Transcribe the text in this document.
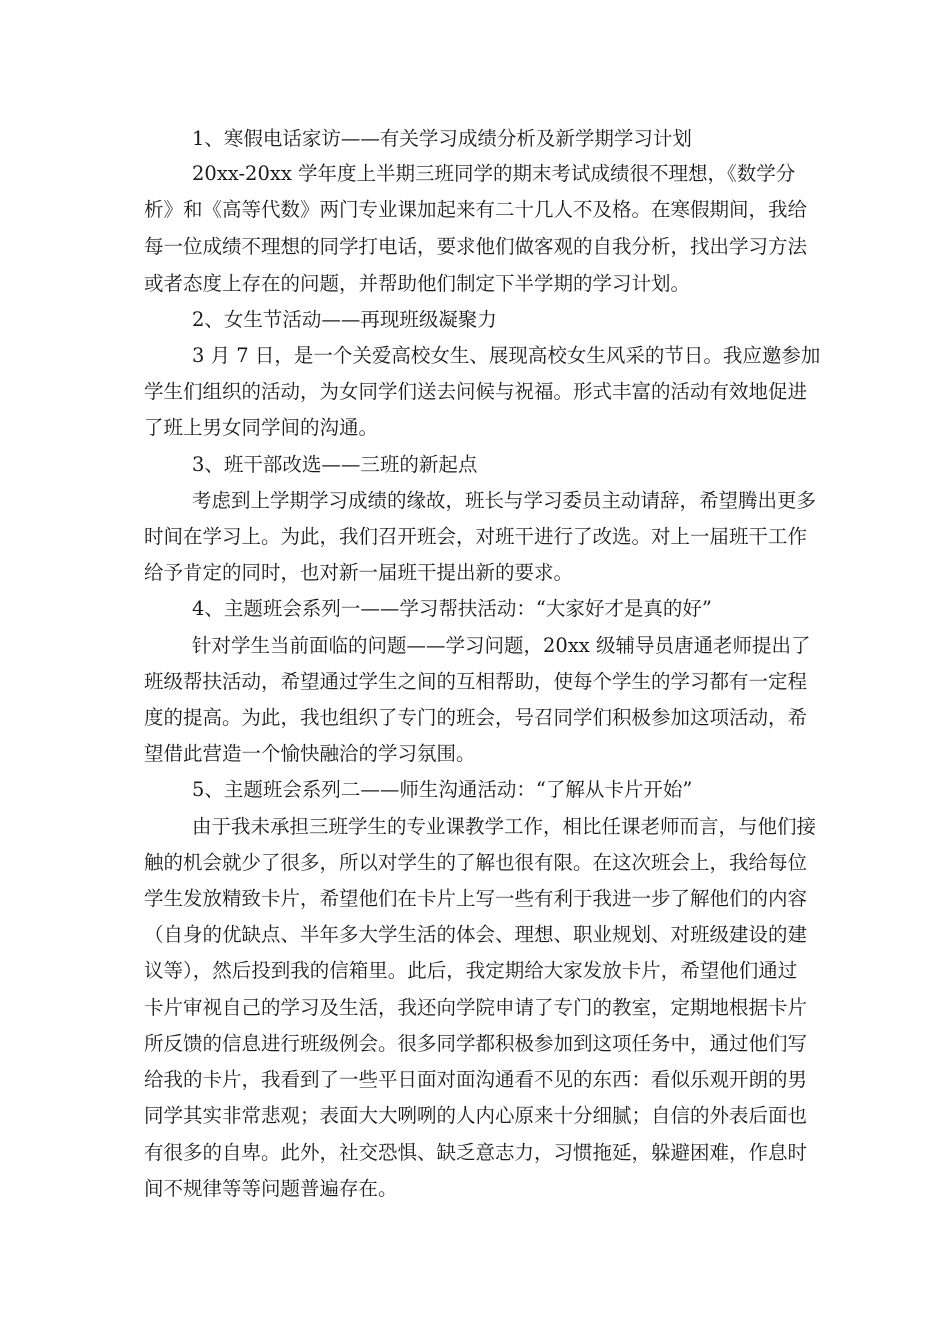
1、寒假电话家访——有关学习成绩分析及新学期学习计划

20xx-20xx 学年度上半期三班同学的期末考试成绩很不理想，《数学分

析》和《高等代数》两门专业课加起来有二十几人不及格。在寒假期间，我给

每一位成绩不理想的同学打电话，要求他们做客观的自我分析，找出学习方法

或者态度上存在的问题，并帮助他们制定下半学期的学习计划。

2、女生节活动——再现班级凝聚力

3 月 7 日，是一个关爱高校女生、展现高校女生风采的节日。我应邀参加

学生们组织的活动，为女同学们送去问候与祝福。形式丰富的活动有效地促进

了班上男女同学间的沟通。

3、班干部改选——三班的新起点

考虑到上学期学习成绩的缘故，班长与学习委员主动请辞，希望腾出更多

时间在学习上。为此，我们召开班会，对班干进行了改选。对上一届班干工作

给予肯定的同时，也对新一届班干提出新的要求。

4、主题班会系列一——学习帮扶活动：“大家好才是真的好”

针对学生当前面临的问题——学习问题，20xx 级辅导员唐通老师提出了

班级帮扶活动，希望通过学生之间的互相帮助，使每个学生的学习都有一定程

度的提高。为此，我也组织了专门的班会，号召同学们积极参加这项活动，希

望借此营造一个愉快融洽的学习氛围。

5、主题班会系列二——师生沟通活动：“了解从卡片开始”

由于我未承担三班学生的专业课教学工作，相比任课老师而言，与他们接

触的机会就少了很多，所以对学生的了解也很有限。在这次班会上，我给每位

学生发放精致卡片，希望他们在卡片上写一些有利于我进一步了解他们的内容

（自身的优缺点、半年多大学生活的体会、理想、职业规划、对班级建设的建

议等），然后投到我的信箱里。此后，我定期给大家发放卡片，希望他们通过

卡片审视自己的学习及生活，我还向学院申请了专门的教室，定期地根据卡片

所反馈的信息进行班级例会。很多同学都积极参加到这项任务中，通过他们写

给我的卡片，我看到了一些平日面对面沟通看不见的东西：看似乐观开朗的男

同学其实非常悲观；表面大大咧咧的人内心原来十分细腻；自信的外表后面也

有很多的自卑。此外，社交恐惧、缺乏意志力，习惯拖延，躲避困难，作息时

间不规律等等问题普遍存在。
